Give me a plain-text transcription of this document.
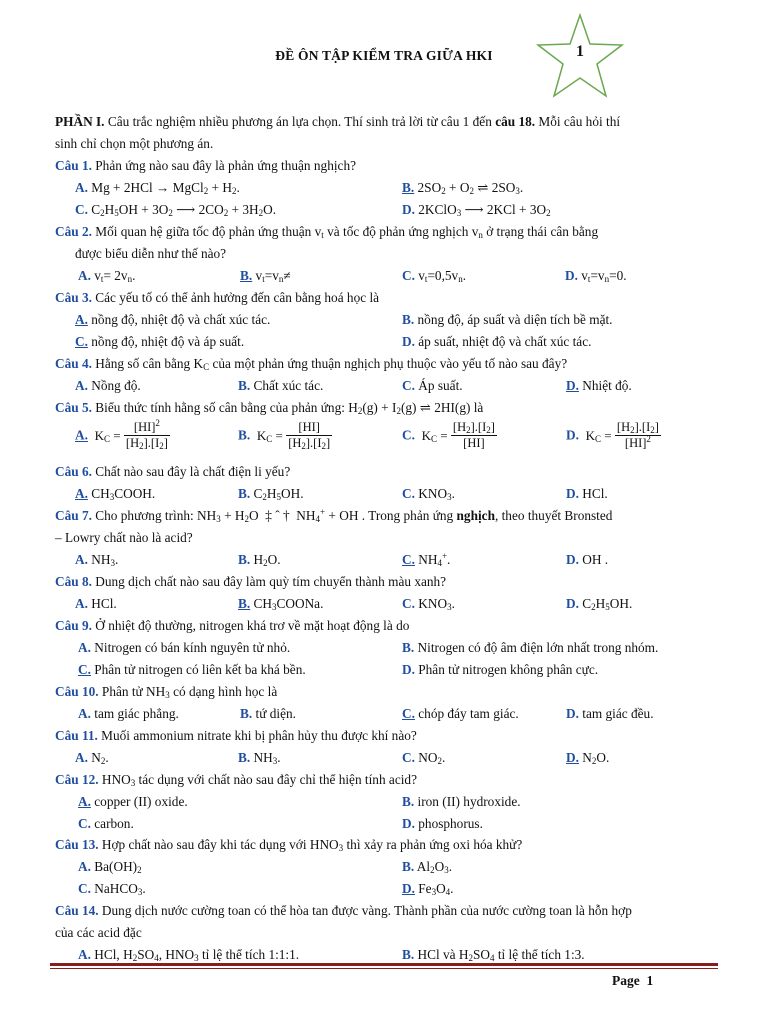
ĐỀ ÔN TẬP KIỂM TRA GIỮA HKI	1
PHẦN I. Câu trắc nghiệm nhiều phương án lựa chọn. Thí sinh trả lời từ câu 1 đến câu 18. Mỗi câu hỏi thí
sinh chỉ chọn một phương án.
Câu 1. Phản ứng nào sau đây là phản ứng thuận nghịch?
A. Mg + 2HCl → MgCl$_2$ + $H_2$.	B. $2SO_2 + O_2$ ⇌ $2SO_3$.
C. $C_2H_5OH + 3O_2$ ⟶ $2CO_2 + 3H_2O$.	D. 2KClO$_3$ ⟶ $2KCl + 3O_2$
Câu 2. Mối quan hệ giữa tốc độ phản ứng thuận $v_t$ và tốc độ phản ứng nghịch $v_n$ ở trạng thái cân bằng
được biểu diễn như thế nào?
A. $v_t= 2v_n$.	B. $v_t=v_n\ne$	C. $v_t=0,5v_n$.	D. $v_t=v_n=0$.
Câu 3. Các yếu tố có thể ảnh hưởng đến cân bằng hoá học là
A. nồng độ, nhiệt độ và chất xúc tác.	B. nồng độ, áp suất và diện tích bề mặt.
C. nồng độ, nhiệt độ và áp suất.	D. áp suất, nhiệt độ và chất xúc tác.
Câu 4. Hằng số cân bằng $K_C$ của một phản ứng thuận nghịch phụ thuộc vào yếu tố nào sau đây?
A. Nồng độ.	B. Chất xúc tác.	C. Áp suất.	D. Nhiệt độ.
Câu 5. Biểu thức tính hằng số cân bằng của phản ứng: $H_2(g) + I_2(g)$ ⇌ 2HI(g) là
A. $K_C = \frac{[HI]^2}{[H_2].[I_2]}$	B. $K_C = \frac{[HI]}{[H_2].[I_2]}$	C. $K_C = \frac{[H_2].[I_2]}{[HI]}$	D. $K_C = \frac{[H_2].[I_2]}{[HI]^2}$
Câu 6. Chất nào sau đây là chất điện li yếu?
A. $CH_3COOH$.	B. $C_2H_5OH$.	C. $KNO_3$.	D. HCl.
Câu 7. Cho phương trình: $NH_3 + H_2O$  ‡ ˆ †  $NH_4^+$ + OH . Trong phản ứng nghịch, theo thuyết Bronsted
– Lowry chất nào là acid?
A. $NH_3$.	B. $H_2O$.	C. $NH_4^+$.	D. OH .
Câu 8. Dung dịch chất nào sau đây làm quỳ tím chuyển thành màu xanh?
A. HCl.	B. $CH_3COONa$.	C. $KNO_3$.	D. $C_2H_5OH$.
Câu 9. Ở nhiệt độ thường, nitrogen khá trơ về mặt hoạt động là do
A. Nitrogen có bán kính nguyên tử nhỏ.	B. Nitrogen có độ âm điện lớn nhất trong nhóm.
C. Phân tử nitrogen có liên kết ba khá bền.	D. Phân tử nitrogen không phân cực.
Câu 10. Phân tử $NH_3$ có dạng hình học là
A. tam giác phẳng.	B. tứ diện.	C. chóp đáy tam giác.	D. tam giác đều.
Câu 11. Muối ammonium nitrate khi bị phân hủy thu được khí nào?
A. $N_2$.	B. $NH_3$.	C. $NO_2$.	D. $N_2O$.
Câu 12. $HNO_3$ tác dụng với chất nào sau đây chỉ thể hiện tính acid?
A. copper (II) oxide.	B. iron (II) hydroxide.
C. carbon.	D. phosphorus.
Câu 13. Hợp chất nào sau đây khi tác dụng với $HNO_3$ thì xảy ra phản ứng oxi hóa khử?
A. $Ba(OH)_2$	B. $Al_2O_3$.
C. NaHCO$_3$.	D. $Fe_3O_4$.
Câu 14. Dung dịch nước cường toan có thể hòa tan được vàng. Thành phần của nước cường toan là hỗn hợp
của các acid đặc
A. HCl, $H_2SO_4$, $HNO_3$ tỉ lệ thể tích 1:1:1.	B. HCl và $H_2SO_4$ tỉ lệ thể tích 1:3.
Page 1
